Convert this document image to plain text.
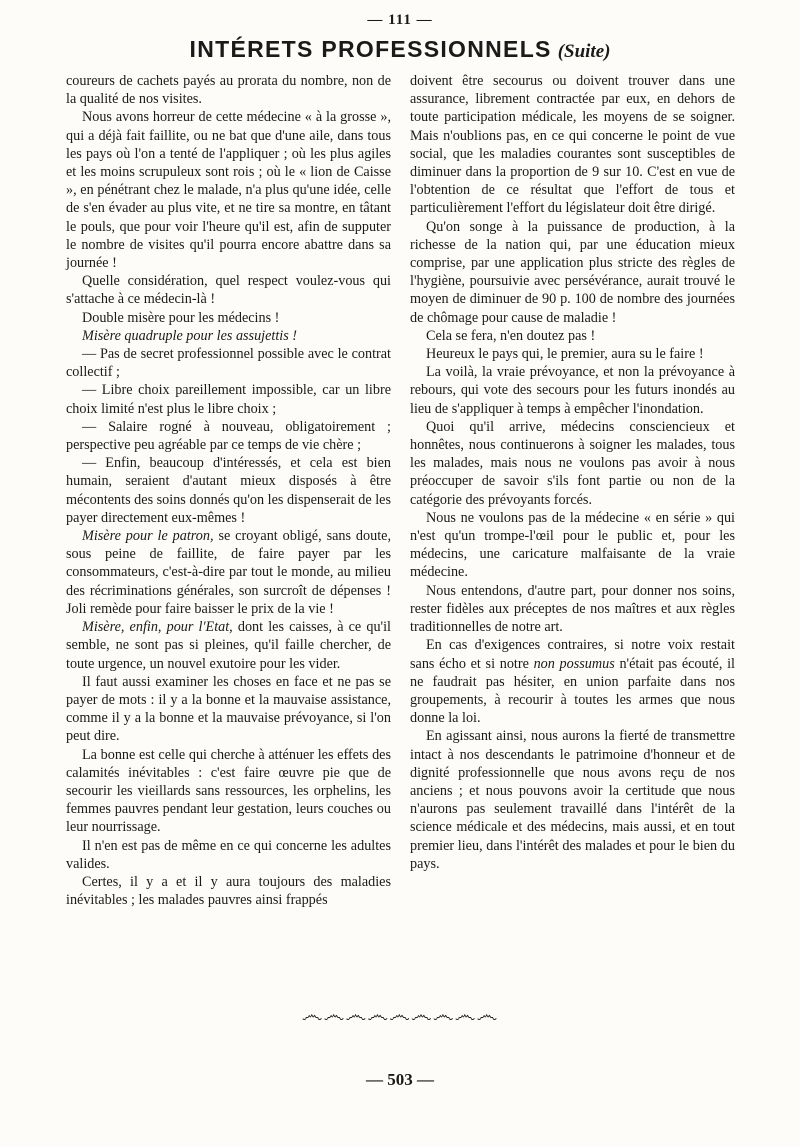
— 111 —
INTÉRETS PROFESSIONNELS (Suite)

coureurs de cachets payés au prorata du nombre, non de la qualité de nos visites.

Nous avons horreur de cette médecine « à la grosse », qui a déjà fait faillite, ou ne bat que d'une aile, dans tous les pays où l'on a tenté de l'appliquer ; où les plus agiles et les moins scrupuleux sont rois ; où le « lion de Caisse », en pénétrant chez le malade, n'a plus qu'une idée, celle de s'en évader au plus vite, et ne tire sa montre, en tâtant le pouls, que pour voir l'heure qu'il est, afin de supputer le nombre de visites qu'il pourra encore abattre dans sa journée !

Quelle considération, quel respect voulez-vous qui s'attache à ce médecin-là !

Double misère pour les médecins !

Misère quadruple pour les assujettis !

— Pas de secret professionnel possible avec le contrat collectif ;

— Libre choix pareillement impossible, car un libre choix limité n'est plus le libre choix ;

— Salaire rogné à nouveau, obligatoirement ; perspective peu agréable par ce temps de vie chère ;

— Enfin, beaucoup d'intéressés, et cela est bien humain, seraient d'autant mieux disposés à être mécontents des soins donnés qu'on les dispenserait de les payer directement eux-mêmes !

Misère pour le patron, se croyant obligé, sans doute, sous peine de faillite, de faire payer par les consommateurs, c'est-à-dire par tout le monde, au milieu des récriminations générales, son surcroît de dépenses ! Joli remède pour faire baisser le prix de la vie !

Misère, enfin, pour l'Etat, dont les caisses, à ce qu'il semble, ne sont pas si pleines, qu'il faille chercher, de toute urgence, un nouvel exutoire pour les vider.

Il faut aussi examiner les choses en face et ne pas se payer de mots : il y a la bonne et la mauvaise assistance, comme il y a la bonne et la mauvaise prévoyance, si l'on peut dire.

La bonne est celle qui cherche à atténuer les effets des calamités inévitables : c'est faire œuvre pie que de secourir les vieillards sans ressources, les orphelins, les femmes pauvres pendant leur gestation, leurs couches ou leur nourrissage.

Il n'en est pas de même en ce qui concerne les adultes valides.

Certes, il y a et il y aura toujours des maladies inévitables ; les malades pauvres ainsi frappés

doivent être secourus ou doivent trouver dans une assurance, librement contractée par eux, en dehors de toute participation médicale, les moyens de se soigner. Mais n'oublions pas, en ce qui concerne le point de vue social, que les maladies courantes sont susceptibles de diminuer dans la proportion de 9 sur 10. C'est en vue de l'obtention de ce résultat que l'effort de tous et particulièrement l'effort du législateur doit être dirigé.

Qu'on songe à la puissance de production, à la richesse de la nation qui, par une éducation mieux comprise, par une application plus stricte des règles de l'hygiène, poursuivie avec persévérance, aurait trouvé le moyen de diminuer de 90 p. 100 de nombre des journées de chômage pour cause de maladie !

Cela se fera, n'en doutez pas !

Heureux le pays qui, le premier, aura su le faire !

La voilà, la vraie prévoyance, et non la prévoyance à rebours, qui vote des secours pour les futurs inondés au lieu de s'appliquer à temps à empêcher l'inondation.

Quoi qu'il arrive, médecins consciencieux et honnêtes, nous continuerons à soigner les malades, tous les malades, mais nous ne voulons pas avoir à nous préoccuper de savoir s'ils font partie ou non de la catégorie des prévoyants forcés.

Nous ne voulons pas de la médecine « en série » qui n'est qu'un trompe-l'œil pour le public et, pour les médecins, une caricature malfaisante de la vraie médecine.

Nous entendons, d'autre part, pour donner nos soins, rester fidèles aux préceptes de nos maîtres et aux règles traditionnelles de notre art.

En cas d'exigences contraires, si notre voix restait sans écho et si notre non possumus n'était pas écouté, il ne faudrait pas hésiter, en union parfaite dans nos groupements, à recourir à toutes les armes que nous donne la loi.

En agissant ainsi, nous aurons la fierté de transmettre intact à nos descendants le patrimoine d'honneur et de dignité professionnelle que nous avons reçu de nos anciens ; et nous pouvons avoir la certitude que nous n'aurons pas seulement travaillé dans l'intérêt de la science médicale et des médecins, mais aussi, et en tout premier lieu, dans l'intérêt des malades et pour le bien du pays.

෴෴෴෴෴෴෴෴෴
— 503 —
